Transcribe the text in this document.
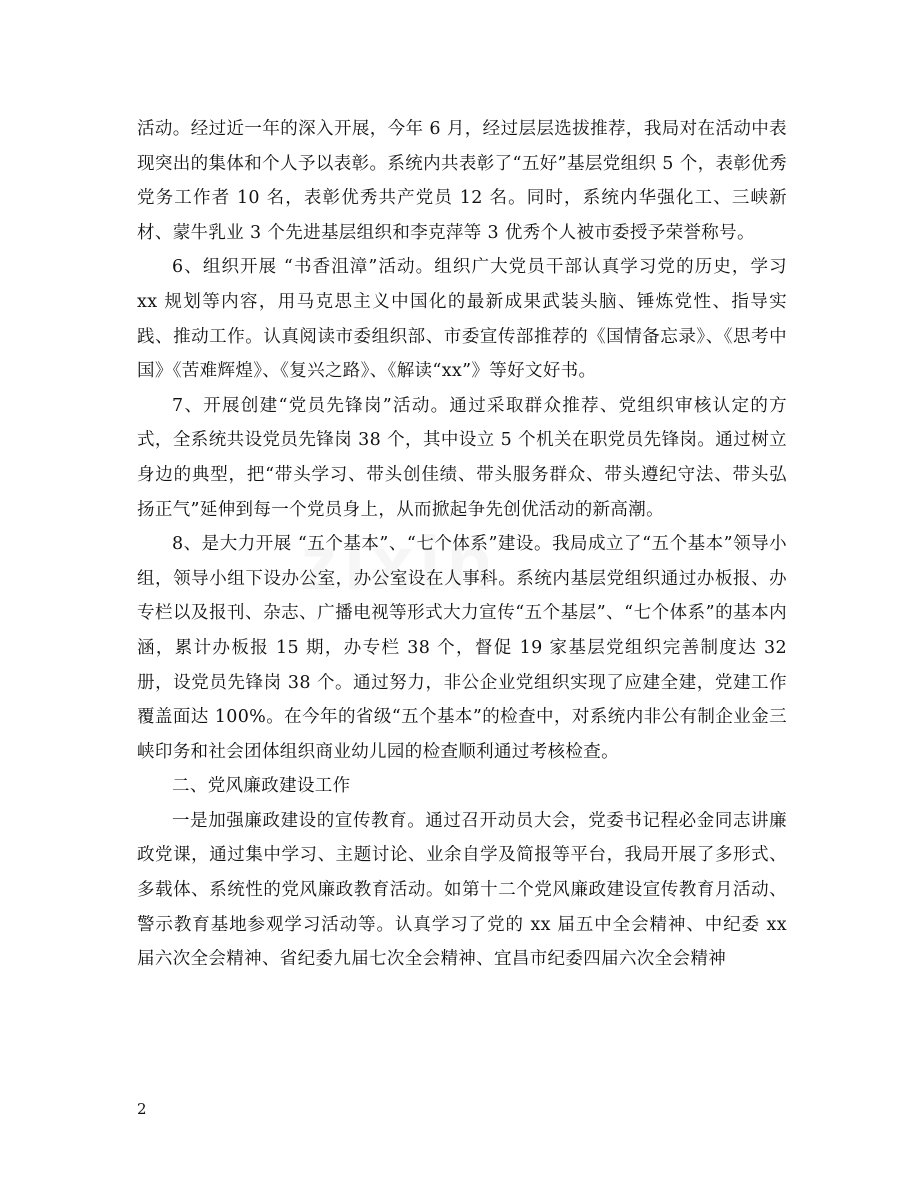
活动。经过近一年的深入开展，今年 6 月，经过层层选拔推荐，我局对在活动中表现突出的集体和个人予以表彰。系统内共表彰了“五好”基层党组织 5 个，表彰优秀党务工作者 10 名，表彰优秀共产党员 12 名。同时，系统内华强化工、三峡新材、蒙牛乳业 3 个先进基层组织和李克萍等 3 优秀个人被市委授予荣誉称号。

6、组织开展 “书香沮漳”活动。组织广大党员干部认真学习党的历史，学习 xx 规划等内容，用马克思主义中国化的最新成果武装头脑、锤炼党性、指导实践、推动工作。认真阅读市委组织部、市委宣传部推荐的《国情备忘录》、《思考中国》《苦难辉煌》、《复兴之路》、《解读“xx”》等好文好书。

7、开展创建“党员先锋岗”活动。通过采取群众推荐、党组织审核认定的方式，全系统共设党员先锋岗 38 个，其中设立 5 个机关在职党员先锋岗。通过树立身边的典型，把“带头学习、带头创佳绩、带头服务群众、带头遵纪守法、带头弘扬正气”延伸到每一个党员身上，从而掀起争先创优活动的新高潮。

8、是大力开展 “五个基本”、“七个体系”建设。我局成立了“五个基本”领导小组，领导小组下设办公室，办公室设在人事科。系统内基层党组织通过办板报、办专栏以及报刊、杂志、广播电视等形式大力宣传“五个基层”、“七个体系”的基本内涵，累计办板报 15 期，办专栏 38 个，督促 19 家基层党组织完善制度达 32 册，设党员先锋岗 38 个。通过努力，非公企业党组织实现了应建全建，党建工作覆盖面达 100%。在今年的省级“五个基本”的检查中，对系统内非公有制企业金三峡印务和社会团体组织商业幼儿园的检查顺利通过考核检查。

二、党风廉政建设工作

一是加强廉政建设的宣传教育。通过召开动员大会，党委书记程必金同志讲廉政党课，通过集中学习、主题讨论、业余自学及简报等平台，我局开展了多形式、多载体、系统性的党风廉政教育活动。如第十二个党风廉政建设宣传教育月活动、警示教育基地参观学习活动等。认真学习了党的 xx 届五中全会精神、中纪委 xx 届六次全会精神、省纪委九届七次全会精神、宜昌市纪委四届六次全会精神

2
